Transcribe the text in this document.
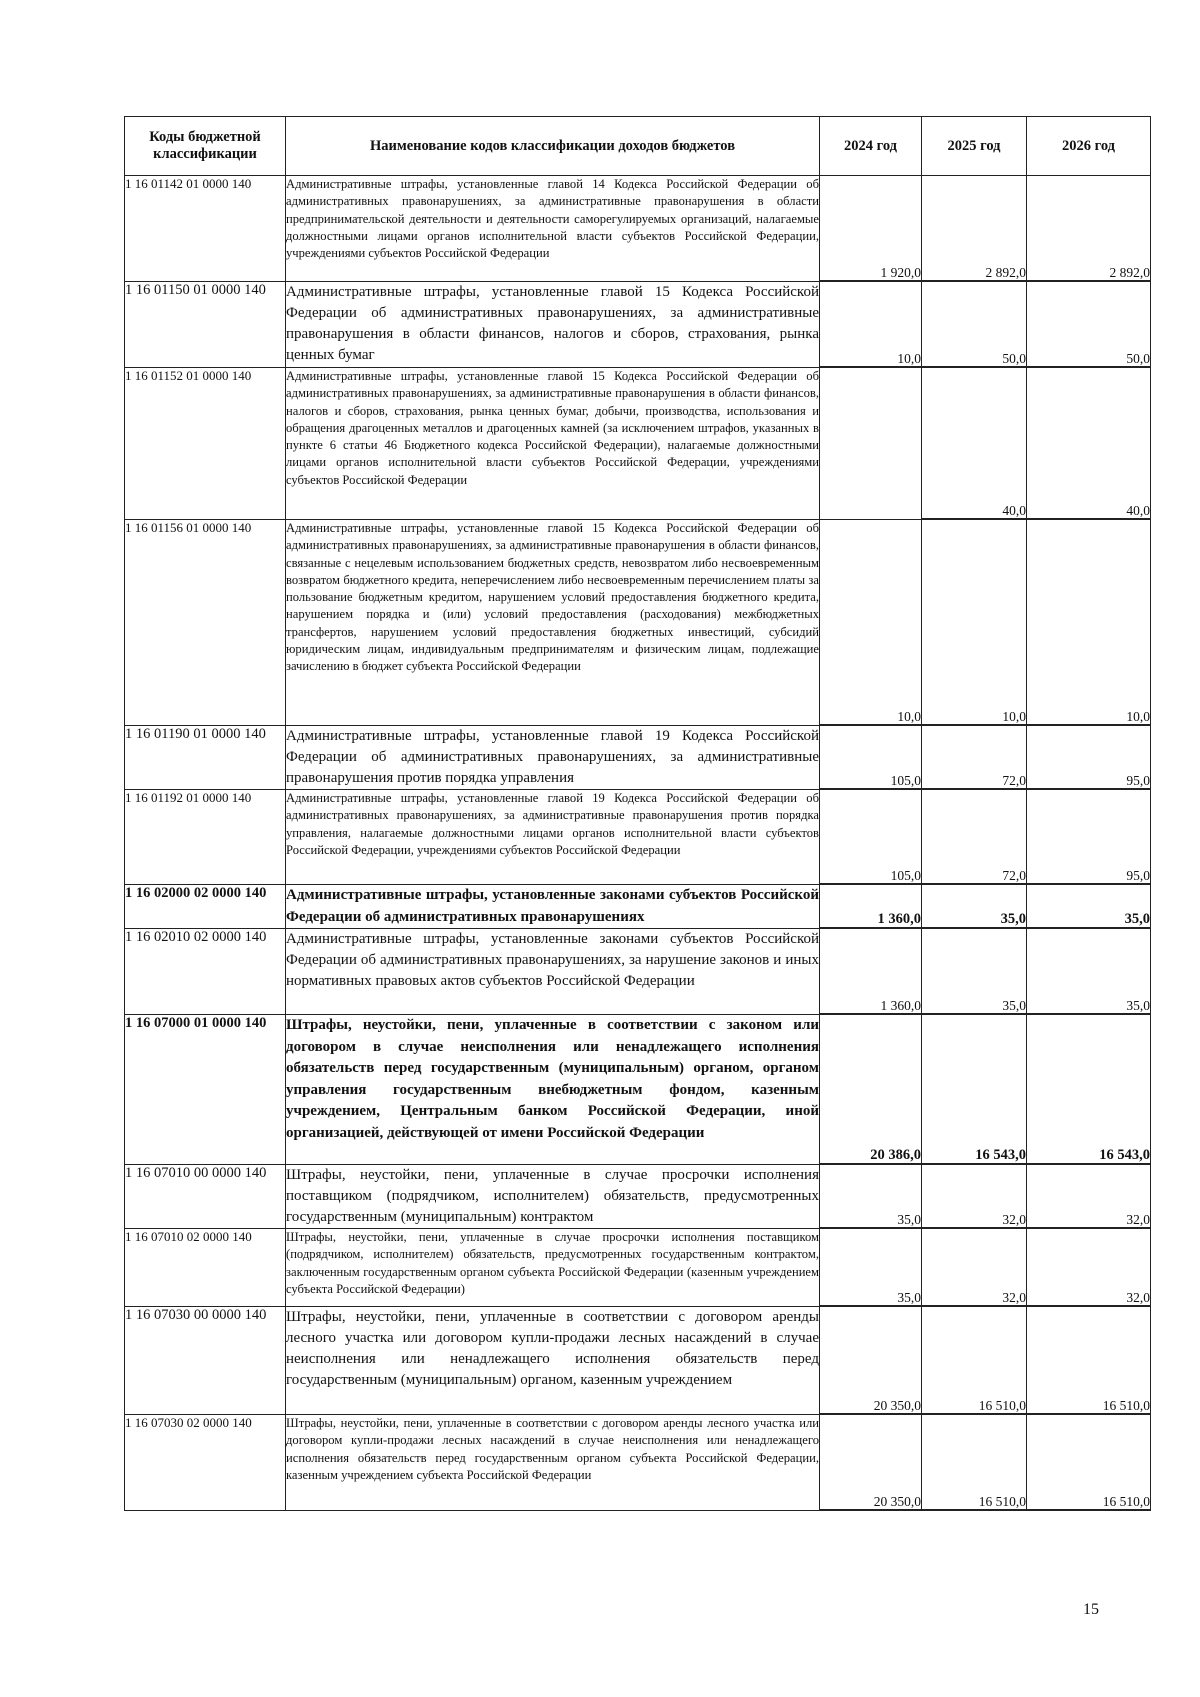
Коды бюджетной классификации	Наименование кодов классификации доходов бюджетов	2024 год	2025 год	2026 год
1 16 01142 01 0000 140	Административные штрафы, установленные главой 14 Кодекса Российской Федерации об административных правонарушениях, за административные правонарушения в области предпринимательской деятельности и деятельности саморегулируемых организаций, налагаемые должностными лицами органов исполнительной власти субъектов Российской Федерации, учреждениями субъектов Российской Федерации	1 920,0	2 892,0	2 892,0

1 16 01150 01 0000 140	Административные штрафы, установленные главой 15 Кодекса Российской Федерации об административных правонарушениях, за административные правонарушения в области финансов, налогов и сборов, страхования, рынка ценных бумаг	10,0	50,0	50,0

1 16 01152 01 0000 140	Административные штрафы, установленные главой 15 Кодекса Российской Федерации об административных правонарушениях, за административные правонарушения в области финансов, налогов и сборов, страхования, рынка ценных бумаг, добычи, производства, использования и обращения драгоценных металлов и драгоценных камней (за исключением штрафов, указанных в пункте 6 статьи 46 Бюджетного кодекса Российской Федерации), налагаемые должностными лицами органов исполнительной власти субъектов Российской Федерации, учреждениями субъектов Российской Федерации		40,0	40,0

1 16 01156 01 0000 140	Административные штрафы, установленные главой 15 Кодекса Российской Федерации об административных правонарушениях, за административные правонарушения в области финансов, связанные с нецелевым использованием бюджетных средств, невозвратом либо несвоевременным возвратом бюджетного кредита, неперечислением либо несвоевременным перечислением платы за пользование бюджетным кредитом, нарушением условий предоставления бюджетного кредита, нарушением порядка и (или) условий предоставления (расходования) межбюджетных трансфертов, нарушением условий предоставления бюджетных инвестиций, субсидий юридическим лицам, индивидуальным предпринимателям и физическим лицам, подлежащие зачислению в бюджет субъекта Российской Федерации	10,0	10,0	10,0

1 16 01190 01 0000 140	Административные штрафы, установленные главой 19 Кодекса Российской Федерации об административных правонарушениях, за административные правонарушения против порядка управления	105,0	72,0	95,0

1 16 01192 01 0000 140	Административные штрафы, установленные главой 19 Кодекса Российской Федерации об административных правонарушениях, за административные правонарушения против порядка управления, налагаемые должностными лицами органов исполнительной власти субъектов Российской Федерации, учреждениями субъектов Российской Федерации	105,0	72,0	95,0

1 16 02000 02 0000 140	Административные штрафы, установленные законами субъектов Российской Федерации об административных правонарушениях	1 360,0	35,0	35,0

1 16 02010 02 0000 140	Административные штрафы, установленные законами субъектов Российской Федерации об административных правонарушениях, за нарушение законов и иных нормативных правовых актов субъектов Российской Федерации	1 360,0	35,0	35,0

1 16 07000 01 0000 140	Штрафы, неустойки, пени, уплаченные в соответствии с законом или договором в случае неисполнения или ненадлежащего исполнения обязательств перед государственным (муниципальным) органом, органом управления государственным внебюджетным фондом, казенным учреждением, Центральным банком Российской Федерации, иной организацией, действующей от имени Российской Федерации	20 386,0	16 543,0	16 543,0

1 16 07010 00 0000 140	Штрафы, неустойки, пени, уплаченные в случае просрочки исполнения поставщиком (подрядчиком, исполнителем) обязательств, предусмотренных государственным (муниципальным) контрактом	35,0	32,0	32,0

1 16 07010 02 0000 140	Штрафы, неустойки, пени, уплаченные в случае просрочки исполнения поставщиком (подрядчиком, исполнителем) обязательств, предусмотренных государственным контрактом, заключенным государственным органом субъекта Российской Федерации (казенным учреждением субъекта Российской Федерации)	35,0	32,0	32,0

1 16 07030 00 0000 140	Штрафы, неустойки, пени, уплаченные в соответствии с договором аренды лесного участка или договором купли-продажи лесных насаждений в случае неисполнения или ненадлежащего исполнения обязательств перед государственным (муниципальным) органом, казенным учреждением	20 350,0	16 510,0	16 510,0

1 16 07030 02 0000 140	Штрафы, неустойки, пени, уплаченные в соответствии с договором аренды лесного участка или договором купли-продажи лесных насаждений в случае неисполнения или ненадлежащего исполнения обязательств перед государственным органом субъекта Российской Федерации, казенным учреждением субъекта Российской Федерации	20 350,0	16 510,0	16 510,0
15
